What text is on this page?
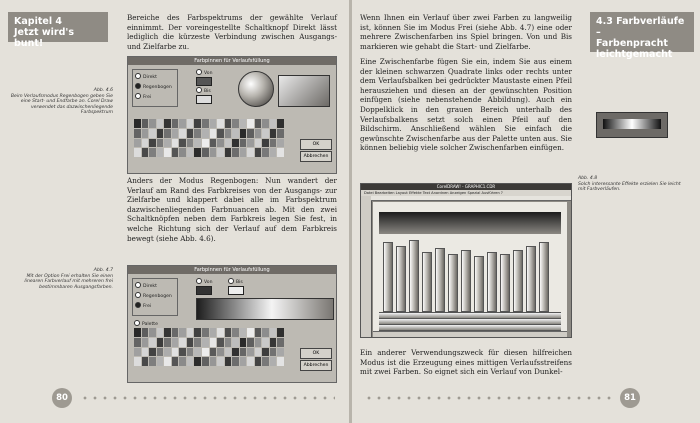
Kapitel 4
Jetzt wird's bunt!
Bereiche des Farbspektrums der gewählte Verlauf einnimmt. Der voreingestellte Schaltknopf Direkt lässt lediglich die kürzeste Verbindung zwischen Ausgangs- und Zielfarbe zu.
Abb. 4.6
Beim Verlaufsmodus Regenbogen geben Sie eine Start- und Endfarbe an. Corel Draw verwendet das dazwischenliegende Farbspektrum
Farbpinnen für Verlaufsfüllung
Direkt
Regenbogen
Frei
Von
Bis
OK
Abbrechen
Anders der Modus Regenbogen: Nun wandert der Verlauf am Rand des Farbkreises von der Ausgangs- zur Zielfarbe und klappert dabei alle im Farbspektrum dazwischenliegenden Farbnuancen ab. Mit den zwei Schaltknöpfen neben dem Farbkreis legen Sie fest, in welche Richtung sich der Verlauf auf dem Farbkreis bewegt (siehe Abb. 4.6).
Abb. 4.7
Mit der Option Frei erhalten Sie einen linearen Farbverlauf mit mehreren frei bestimmbaren Ausgangsfarben.
Farbpinnen für Verlaufsfüllung
Direkt
Regenbogen
Frei
Von	Bis
Palette
OK
Abbrechen
80
Wenn Ihnen ein Verlauf über zwei Farben zu langweilig ist, können Sie im Modus Frei (siehe Abb. 4.7) eine oder mehrere Zwischenfarben ins Spiel bringen. Von und Bis markieren wie gehabt die Start- und Zielfarbe.
Eine Zwischenfarbe fügen Sie ein, indem Sie aus einem der kleinen schwarzen Quadrate links oder rechts unter dem Verlaufsbalken bei gedrückter Maustaste einen Pfeil herausziehen und diesen an der gewünschten Position einfügen (siehe nebenstehende Abbildung). Auch ein Doppelklick in den grauen Bereich unterhalb des Verlaufsbalkens setzt solch einen Pfeil auf den Bildschirm. Anschließend wählen Sie einfach die gewünschte Zwischenfarbe aus der Palette unten aus. Sie können beliebig viele solcher Zwischenfarben einfügen.
4.3 Farbverläufe –
Farbenpracht
leichtgemacht
Abb. 4.8
Solch interessante Effekte erzielen Sie leicht mit Farbverläufen.
CorelDRAW! - GRAPHIC1.CDR
Datei Bearbeiten Layout Effekte Text Anordnen Anzeigen Spezial Ausführen ?
Ein anderer Verwendungszweck für diesen hilfreichen Modus ist die Erzeugung eines mittigen Verlaufsstreifens mit zwei Farben. So eignet sich ein Verlauf von Dunkel-
81
